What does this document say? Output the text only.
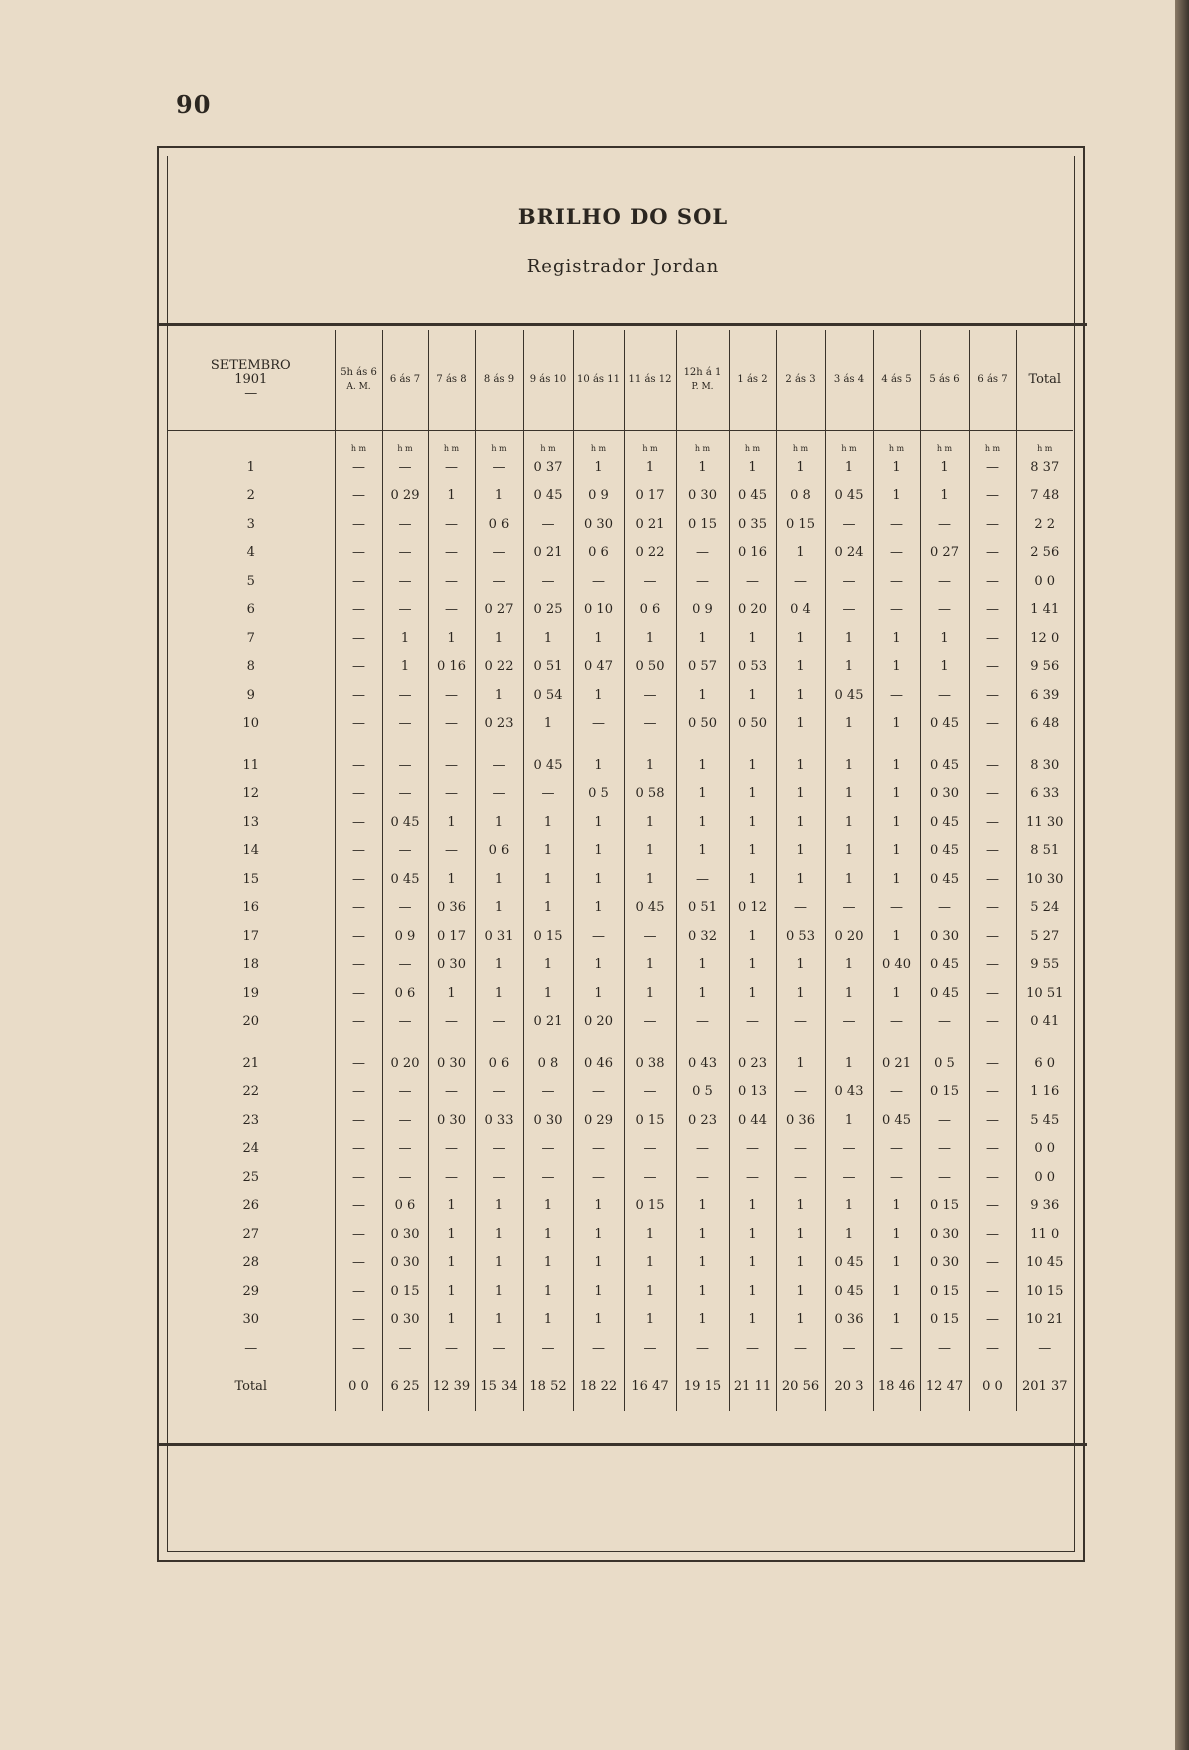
90
BRILHO DO SOL
Registrador Jordan
SETEMBRO
1901
—	5h ás 6
A. M.	6 ás 7	7 ás 8	8 ás 9	9 ás 10	10 ás 11	11 ás 12	12h á 1
P. M.	1 ás 2	2 ás 3	3 ás 4	4 ás 5	5 ás 6	6 ás 7	Total
	h m	h m	h m	h m	h m	h m	h m	h m	h m	h m	h m	h m	h m	h m	h m
1	—	—	—	—	0 37	1	1	1	1	1	1	1	1	—	8 37
2	—	0 29	1	1	0 45	0 9	0 17	0 30	0 45	0 8	0 45	1	1	—	7 48
3	—	—	—	0 6	—	0 30	0 21	0 15	0 35	0 15	—	—	—	—	2 2
4	—	—	—	—	0 21	0 6	0 22	—	0 16	1	0 24	—	0 27	—	2 56
5	—	—	—	—	—	—	—	—	—	—	—	—	—	—	0 0
6	—	—	—	0 27	0 25	0 10	0 6	0 9	0 20	0 4	—	—	—	—	1 41
7	—	1	1	1	1	1	1	1	1	1	1	1	1	—	12 0
8	—	1	0 16	0 22	0 51	0 47	0 50	0 57	0 53	1	1	1	1	—	9 56
9	—	—	—	1	0 54	1	—	1	1	1	0 45	—	—	—	6 39
10	—	—	—	0 23	1	—	—	0 50	0 50	1	1	1	0 45	—	6 48

11	—	—	—	—	0 45	1	1	1	1	1	1	1	0 45	—	8 30
12	—	—	—	—	—	0 5	0 58	1	1	1	1	1	0 30	—	6 33
13	—	0 45	1	1	1	1	1	1	1	1	1	1	0 45	—	11 30
14	—	—	—	0 6	1	1	1	1	1	1	1	1	0 45	—	8 51
15	—	0 45	1	1	1	1	1	—	1	1	1	1	0 45	—	10 30
16	—	—	0 36	1	1	1	0 45	0 51	0 12	—	—	—	—	—	5 24
17	—	0 9	0 17	0 31	0 15	—	—	0 32	1	0 53	0 20	1	0 30	—	5 27
18	—	—	0 30	1	1	1	1	1	1	1	1	0 40	0 45	—	9 55
19	—	0 6	1	1	1	1	1	1	1	1	1	1	0 45	—	10 51
20	—	—	—	—	0 21	0 20	—	—	—	—	—	—	—	—	0 41

21	—	0 20	0 30	0 6	0 8	0 46	0 38	0 43	0 23	1	1	0 21	0 5	—	6 0
22	—	—	—	—	—	—	—	0 5	0 13	—	0 43	—	0 15	—	1 16
23	—	—	0 30	0 33	0 30	0 29	0 15	0 23	0 44	0 36	1	0 45	—	—	5 45
24	—	—	—	—	—	—	—	—	—	—	—	—	—	—	0 0
25	—	—	—	—	—	—	—	—	—	—	—	—	—	—	0 0
26	—	0 6	1	1	1	1	0 15	1	1	1	1	1	0 15	—	9 36
27	—	0 30	1	1	1	1	1	1	1	1	1	1	0 30	—	11 0
28	—	0 30	1	1	1	1	1	1	1	1	0 45	1	0 30	—	10 45
29	—	0 15	1	1	1	1	1	1	1	1	0 45	1	0 15	—	10 15
30	—	0 30	1	1	1	1	1	1	1	1	0 36	1	0 15	—	10 21
—	—	—	—	—	—	—	—	—	—	—	—	—	—	—	—
Total	0 0	6 25	12 39	15 34	18 52	18 22	16 47	19 15	21 11	20 56	20 3	18 46	12 47	0 0	201 37
